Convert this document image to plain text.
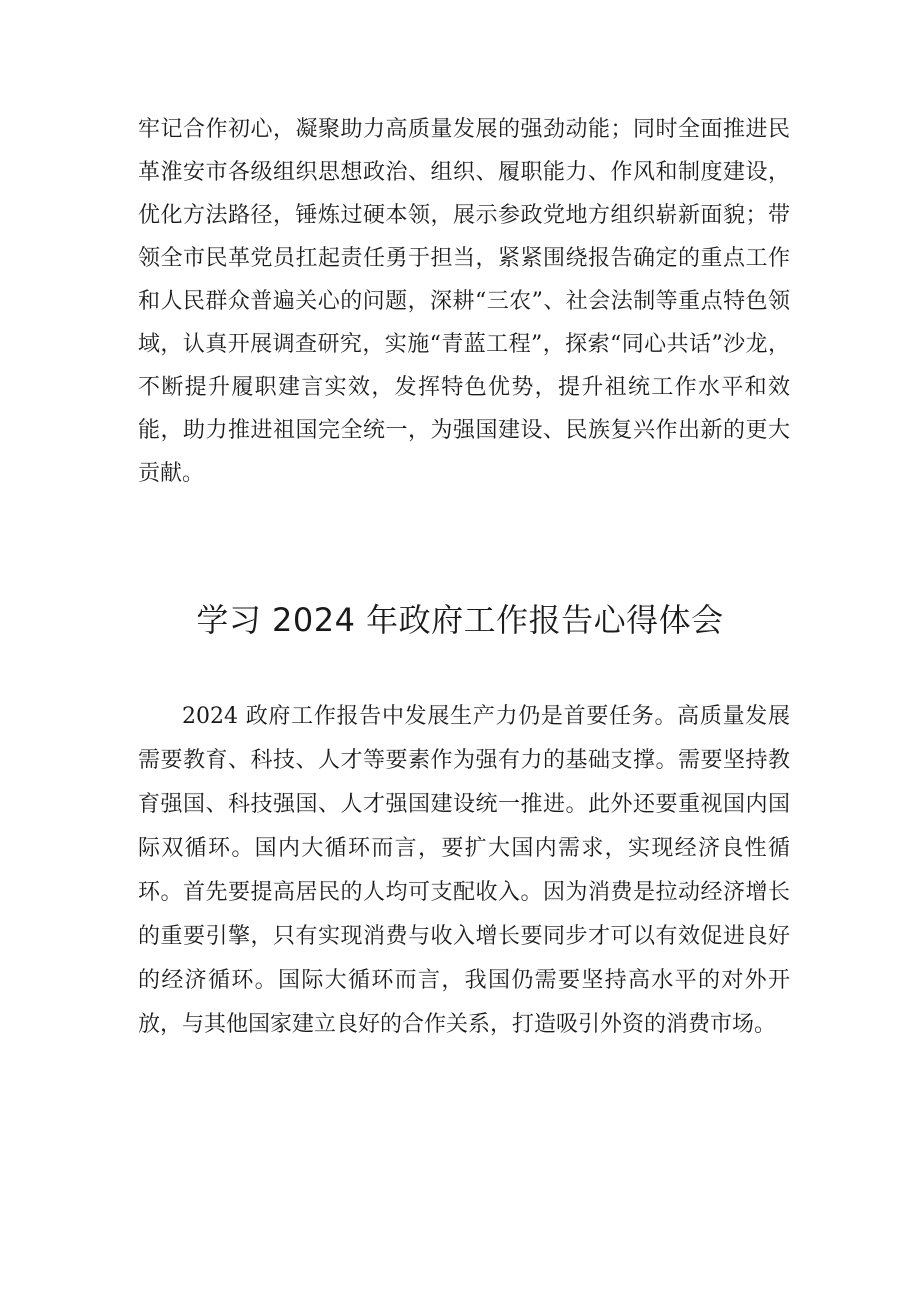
牢记合作初心，凝聚助力高质量发展的强劲动能；同时全面推进民革淮安市各级组织思想政治、组织、履职能力、作风和制度建设，优化方法路径，锤炼过硬本领，展示参政党地方组织崭新面貌；带领全市民革党员扛起责任勇于担当，紧紧围绕报告确定的重点工作和人民群众普遍关心的问题，深耕“三农”、社会法制等重点特色领域，认真开展调查研究，实施“青蓝工程”，探索“同心共话”沙龙，不断提升履职建言实效，发挥特色优势，提升祖统工作水平和效能，助力推进祖国完全统一，为强国建设、民族复兴作出新的更大贡献。

学习 2024 年政府工作报告心得体会

2024 政府工作报告中发展生产力仍是首要任务。高质量发展需要教育、科技、人才等要素作为强有力的基础支撑。需要坚持教育强国、科技强国、人才强国建设统一推进。此外还要重视国内国际双循环。国内大循环而言，要扩大国内需求，实现经济良性循环。首先要提高居民的人均可支配收入。因为消费是拉动经济增长的重要引擎，只有实现消费与收入增长要同步才可以有效促进良好的经济循环。国际大循环而言，我国仍需要坚持高水平的对外开放，与其他国家建立良好的合作关系，打造吸引外资的消费市场。
